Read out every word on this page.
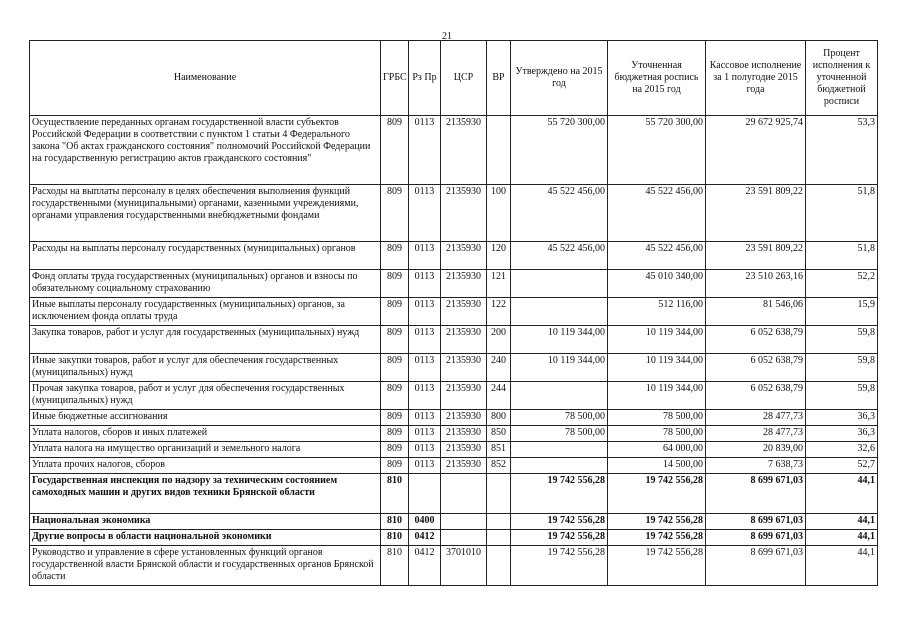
21
Наименование	ГРБС	Рз Пр	ЦСР	ВР	Утверждено на 2015 год	Уточненная бюджетная роспись на 2015 год	Кассовое исполнение за 1 полугодие 2015 года	Процент исполнения к уточненной бюджетной росписи
Осуществление переданных органам государственной власти субъектов Российской Федерации в соответствии с пунктом 1 статьи 4 Федерального закона "Об актах гражданского состояния" полномочий Российской Федерации на государственную регистрацию актов гражданского состояния"	809	0113	2135930		55 720 300,00	55 720 300,00	29 672 925,74	53,3
Расходы на выплаты персоналу в целях обеспечения выполнения функций государственными (муниципальными) органами, казенными учреждениями, органами управления государственными внебюджетными фондами	809	0113	2135930	100	45 522 456,00	45 522 456,00	23 591 809,22	51,8
Расходы на выплаты персоналу государственных (муниципальных) органов	809	0113	2135930	120	45 522 456,00	45 522 456,00	23 591 809,22	51,8
Фонд оплаты труда государственных (муниципальных) органов и взносы по обязательному социальному страхованию	809	0113	2135930	121		45 010 340,00	23 510 263,16	52,2
Иные выплаты персоналу государственных (муниципальных) органов, за исключением фонда оплаты труда	809	0113	2135930	122		512 116,00	81 546,06	15,9
Закупка товаров, работ и услуг для государственных (муниципальных) нужд	809	0113	2135930	200	10 119 344,00	10 119 344,00	6 052 638,79	59,8
Иные закупки товаров, работ и услуг для обеспечения государственных (муниципальных) нужд	809	0113	2135930	240	10 119 344,00	10 119 344,00	6 052 638,79	59,8
Прочая закупка товаров, работ и услуг для обеспечения государственных (муниципальных) нужд	809	0113	2135930	244		10 119 344,00	6 052 638,79	59,8
Иные бюджетные ассигнования	809	0113	2135930	800	78 500,00	78 500,00	28 477,73	36,3
Уплата налогов, сборов и иных платежей	809	0113	2135930	850	78 500,00	78 500,00	28 477,73	36,3
Уплата налога на имущество организаций и земельного налога	809	0113	2135930	851		64 000,00	20 839,00	32,6
Уплата прочих налогов, сборов	809	0113	2135930	852		14 500,00	7 638,73	52,7
Государственная инспекция по надзору за техническим состоянием самоходных машин и других видов техники Брянской области	810				19 742 556,28	19 742 556,28	8 699 671,03	44,1
Национальная экономика	810	0400			19 742 556,28	19 742 556,28	8 699 671,03	44,1
Другие вопросы в области национальной экономики	810	0412			19 742 556,28	19 742 556,28	8 699 671,03	44,1
Руководство и управление в сфере установленных функций органов государственной власти Брянской области и государственных органов Брянской области	810	0412	3701010		19 742 556,28	19 742 556,28	8 699 671,03	44,1
